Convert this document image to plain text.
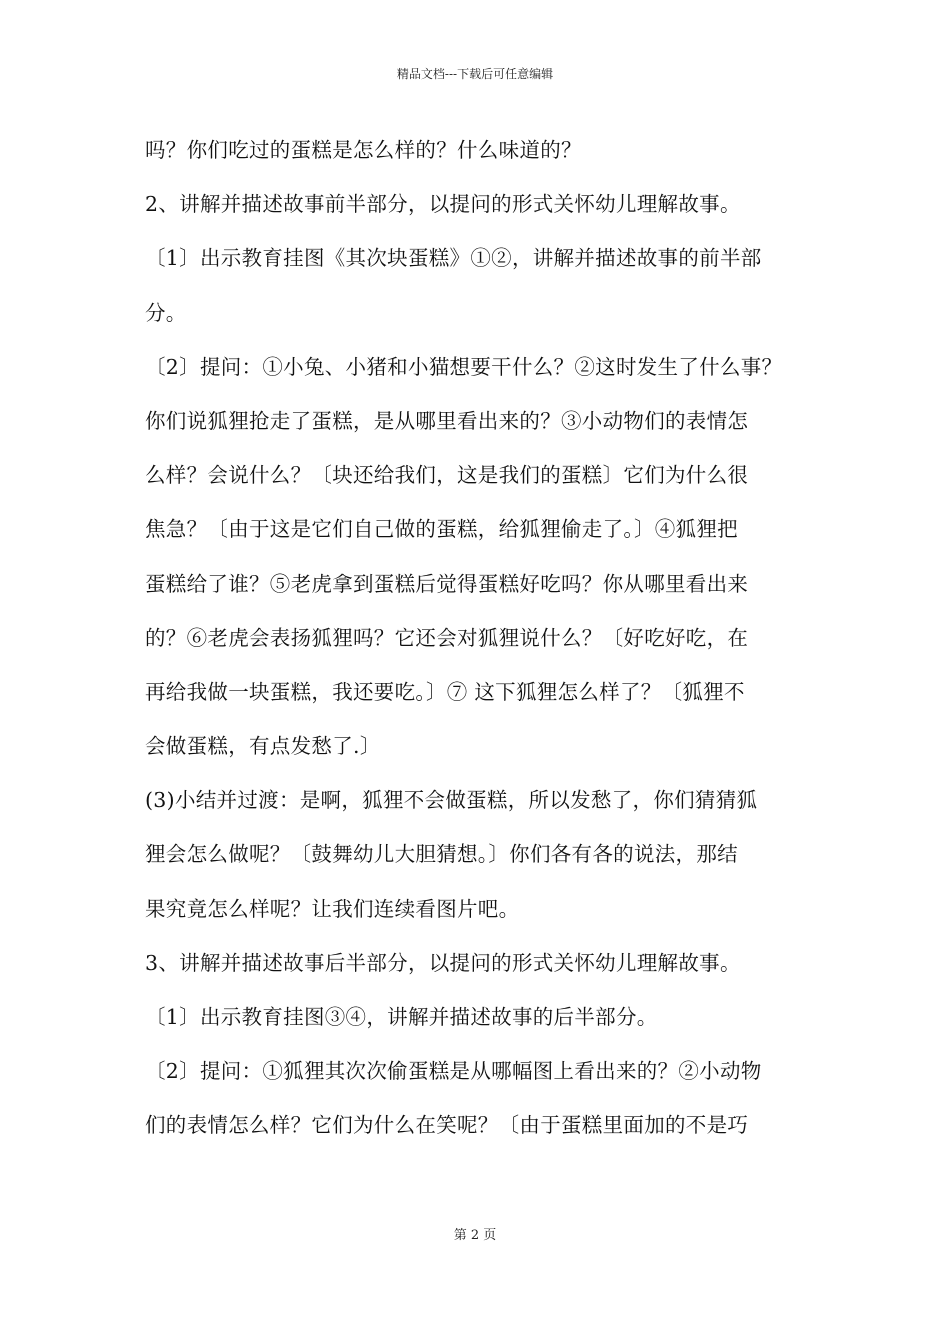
精品文档---下载后可任意编辑
吗？你们吃过的蛋糕是怎么样的？什么味道的？
2、讲解并描述故事前半部分，以提问的形式关怀幼儿理解故事。
〔1〕出示教育挂图《其次块蛋糕》①②，讲解并描述故事的前半部
分。
〔2〕提问：①小兔、小猪和小猫想要干什么？②这时发生了什么事？
你们说狐狸抢走了蛋糕，是从哪里看出来的？③小动物们的表情怎
么样？会说什么？〔块还给我们，这是我们的蛋糕〕它们为什么很
焦急？〔由于这是它们自己做的蛋糕，给狐狸偷走了。〕④狐狸把
蛋糕给了谁？⑤老虎拿到蛋糕后觉得蛋糕好吃吗？你从哪里看出来
的？⑥老虎会表扬狐狸吗？它还会对狐狸说什么？〔好吃好吃，在
再给我做一块蛋糕，我还要吃。〕⑦ 这下狐狸怎么样了？〔狐狸不
会做蛋糕，有点发愁了.〕
(3)小结并过渡：是啊，狐狸不会做蛋糕，所以发愁了，你们猜猜狐
狸会怎么做呢？〔鼓舞幼儿大胆猜想。〕你们各有各的说法，那结
果究竟怎么样呢？让我们连续看图片吧。
3、讲解并描述故事后半部分，以提问的形式关怀幼儿理解故事。
〔1〕出示教育挂图③④，讲解并描述故事的后半部分。
〔2〕提问：①狐狸其次次偷蛋糕是从哪幅图上看出来的？②小动物
们的表情怎么样？它们为什么在笑呢？〔由于蛋糕里面加的不是巧
第 2 页
